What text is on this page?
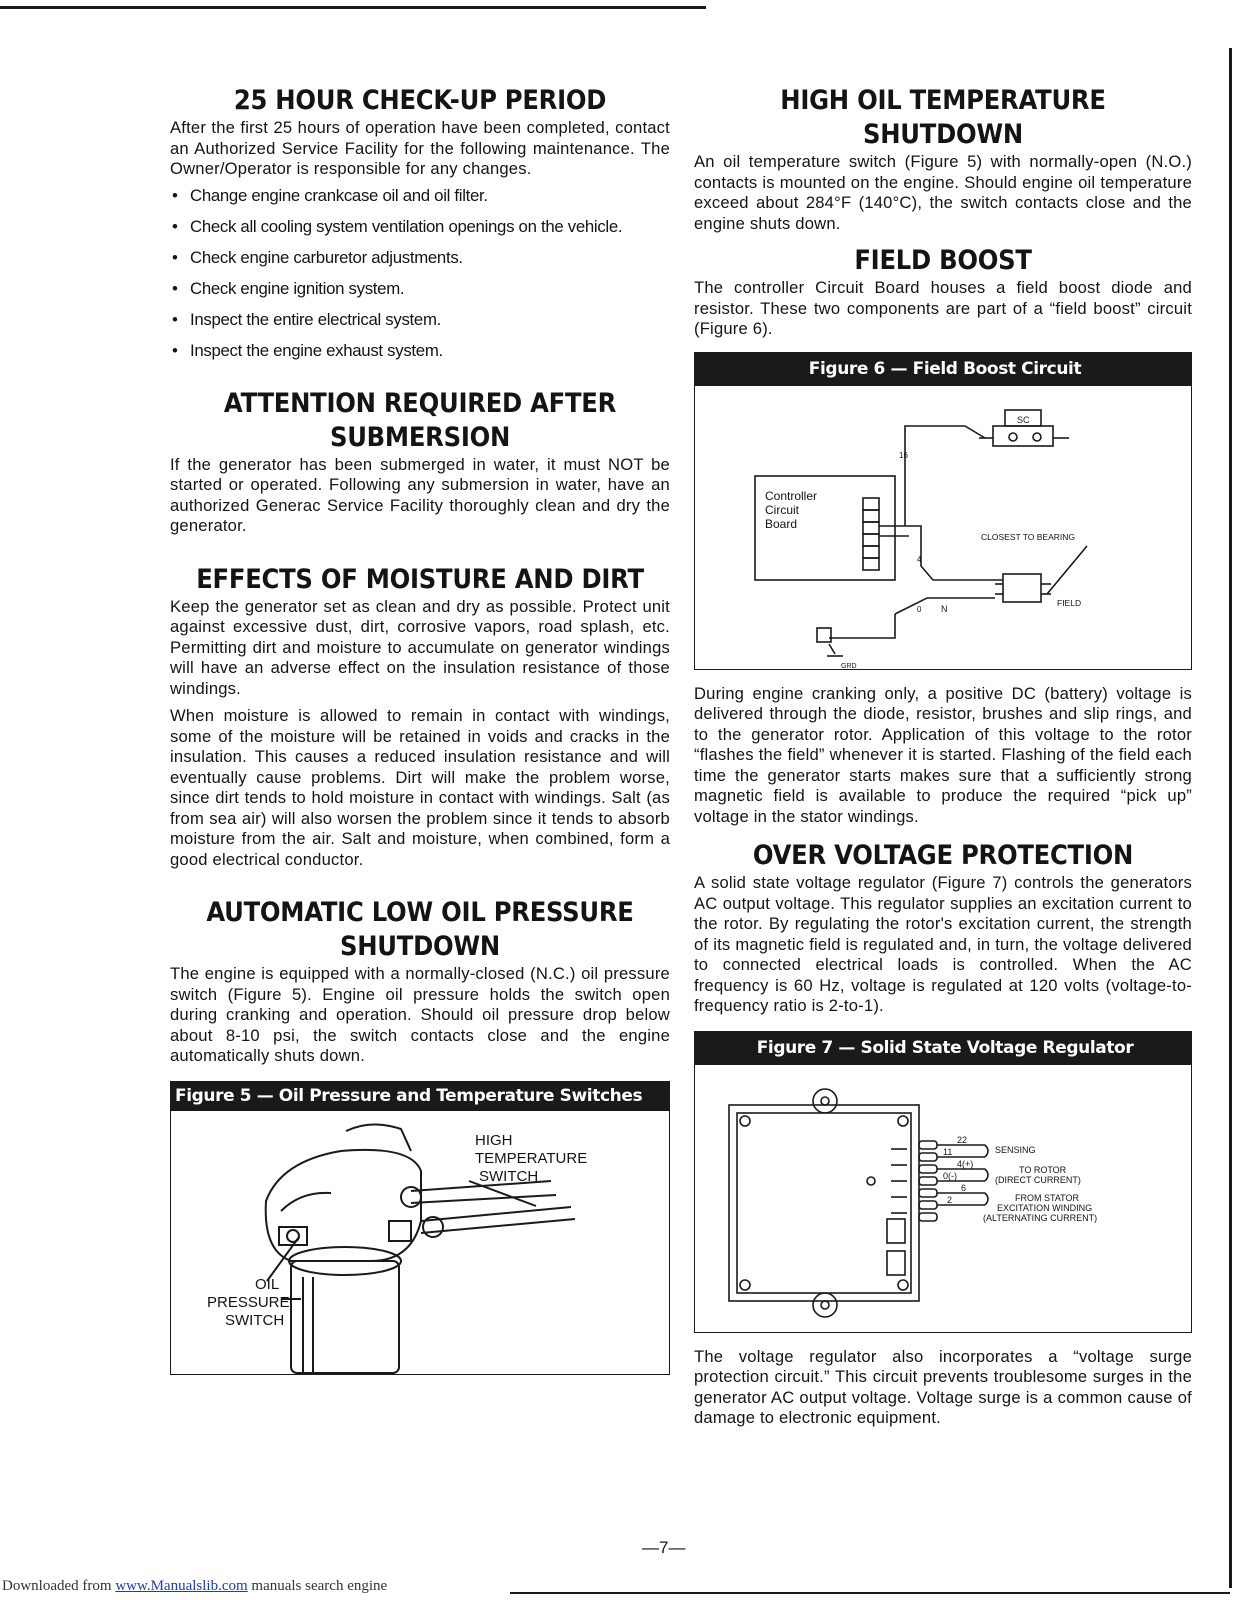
25 HOUR CHECK-UP PERIOD

After the first 25 hours of operation have been completed, contact an Authorized Service Facility for the following maintenance. The Owner/Operator is responsible for any changes.

• Change engine crankcase oil and oil filter.
• Check all cooling system ventilation openings on the vehicle.
• Check engine carburetor adjustments.
• Check engine ignition system.
• Inspect the entire electrical system.
• Inspect the engine exhaust system.
ATTENTION REQUIRED AFTER
SUBMERSION

If the generator has been submerged in water, it must NOT be started or operated. Following any submersion in water, have an authorized Generac Service Facility thoroughly clean and dry the generator.

EFFECTS OF MOISTURE AND DIRT

Keep the generator set as clean and dry as possible. Protect unit against excessive dust, dirt, corrosive vapors, road splash, etc. Permitting dirt and moisture to accumulate on generator windings will have an adverse effect on the insulation resistance of those windings.

When moisture is allowed to remain in contact with windings, some of the moisture will be retained in voids and cracks in the insulation. This causes a reduced insulation resistance and will eventually cause problems. Dirt will make the problem worse, since dirt tends to hold moisture in contact with windings. Salt (as from sea air) will also worsen the problem since it tends to absorb moisture from the air. Salt and moisture, when combined, form a good electrical conductor.

AUTOMATIC LOW OIL PRESSURE
SHUTDOWN

The engine is equipped with a normally-closed (N.C.) oil pressure switch (Figure 5). Engine oil pressure holds the switch open during cranking and operation. Should oil pressure drop below about 8-10 psi, the switch contacts close and the engine automatically shuts down.

Figure 5 — Oil Pressure and Temperature Switches
HIGH
TEMPERATURE
SWITCH
OIL
PRESSURE
SWITCH
HIGH OIL TEMPERATURE
SHUTDOWN

An oil temperature switch (Figure 5) with normally-open (N.O.) contacts is mounted on the engine. Should engine oil temperature exceed about 284°F (140°C), the switch contacts close and the engine shuts down.

FIELD BOOST

The controller Circuit Board houses a field boost diode and resistor. These two components are part of a “field boost” circuit (Figure 6).

Figure 6 — Field Boost Circuit
Controller
Circuit
Board
SC
16
4
0 N
CLOSEST TO BEARING
FIELD
GRD

During engine cranking only, a positive DC (battery) voltage is delivered through the diode, resistor, brushes and slip rings, and to the generator rotor. Application of this voltage to the rotor “flashes the field” whenever it is started. Flashing of the field each time the generator starts makes sure that a sufficiently strong magnetic field is available to produce the required “pick up” voltage in the stator windings.

OVER VOLTAGE PROTECTION

A solid state voltage regulator (Figure 7) controls the generators AC output voltage. This regulator supplies an excitation current to the rotor. By regulating the rotor's excitation current, the strength of its magnetic field is regulated and, in turn, the voltage delivered to connected electrical loads is controlled. When the AC frequency is 60 Hz, voltage is regulated at 120 volts (voltage-to-frequency ratio is 2-to-1).

Figure 7 — Solid State Voltage Regulator
22
11
4(+)
0(-)
6
2
SENSING
TO ROTOR
(DIRECT CURRENT)
FROM STATOR
EXCITATION WINDING
(ALTERNATING CURRENT)

The voltage regulator also incorporates a “voltage surge protection circuit.” This circuit prevents troublesome surges in the generator AC output voltage. Voltage surge is a common cause of damage to electronic equipment.

—7—
Downloaded from www.Manualslib.com manuals search engine
